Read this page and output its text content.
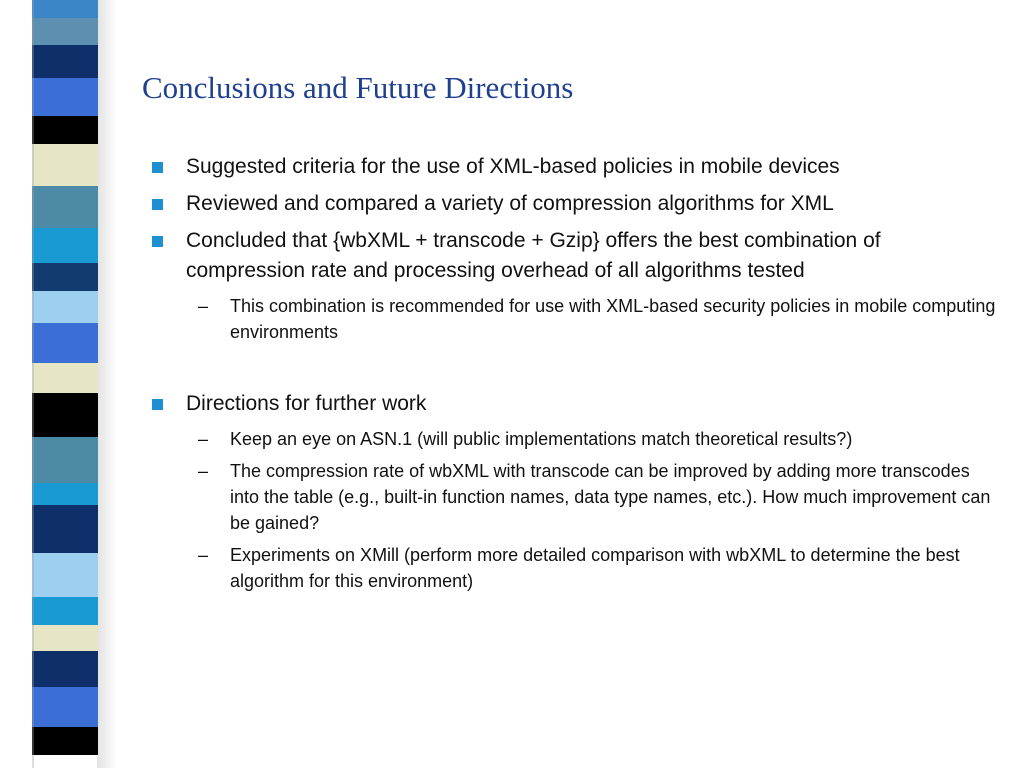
Conclusions and Future Directions
Suggested criteria for the use of XML-based policies in mobile devices
Reviewed and compared a variety of compression algorithms for XML
Concluded that {wbXML + transcode + Gzip} offers the best combination of compression rate and processing overhead of all algorithms tested
– This combination is recommended for use with XML-based security policies in mobile computing environments
Directions for further work
– Keep an eye on ASN.1 (will public implementations match theoretical results?)
– The compression rate of wbXML with transcode can be improved by adding more transcodes into the table (e.g., built-in function names, data type names, etc.). How much improvement can be gained?
– Experiments on XMill (perform more detailed comparison with wbXML to determine the best algorithm for this environment)
